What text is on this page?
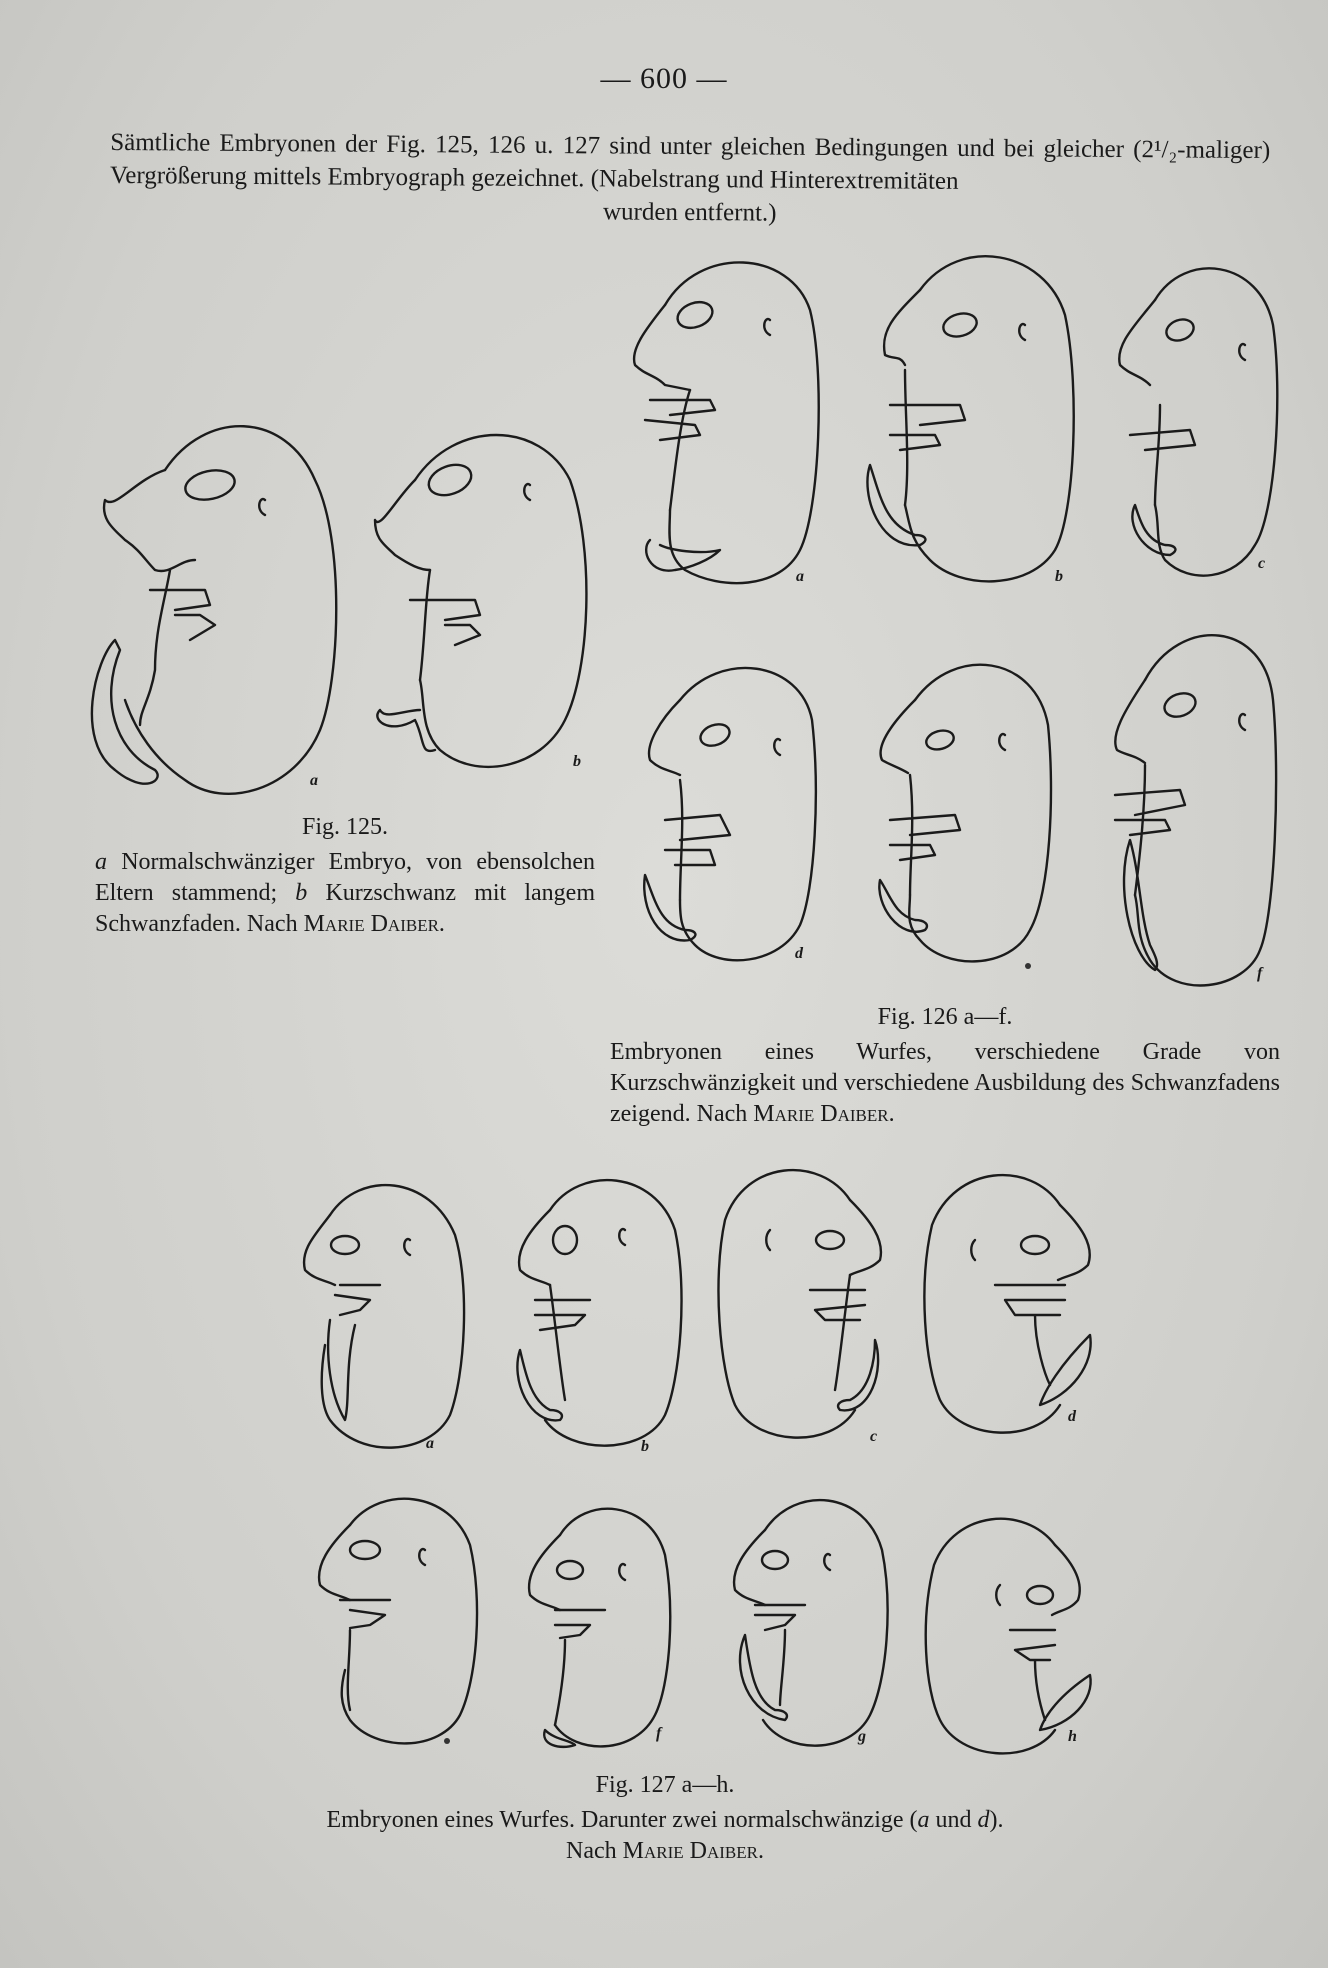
— 600 —
Sämtliche Embryonen der Fig. 125, 126 u. 127 sind unter gleichen Bedingungen und bei gleicher (2¹/₂-maliger) Vergrößerung mittels Embryograph gezeichnet. (Nabelstrang und Hinterextremitäten
wurden entfernt.)
a
b
Fig. 125.
a Normalschwänziger Embryo, von ebensolchen Eltern stammend; b Kurzschwanz mit langem Schwanzfaden. Nach Marie Daiber.
a	b
c
d
f
Fig. 126 a—f.
Embryonen eines Wurfes, verschiedene Grade von Kurzschwänzigkeit und verschiedene Ausbildung des Schwanzfadens zeigend. Nach Marie Daiber.
a	b
c
d
f	g	h
Fig. 127 a—h.
Embryonen eines Wurfes. Darunter zwei normalschwänzige (a und d).
Nach Marie Daiber.
